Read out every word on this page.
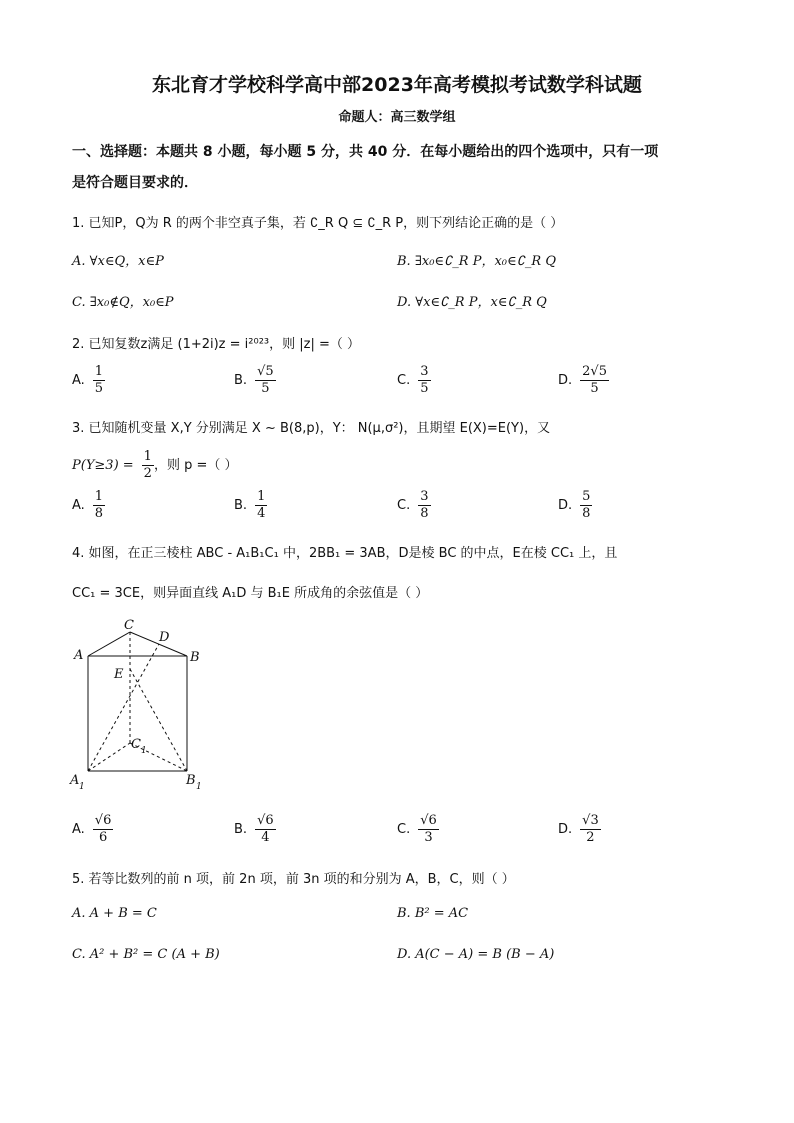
东北育才学校科学高中部2023年高考模拟考试数学科试题
命题人：高三数学组
一、选择题：本题共 8 小题，每小题 5 分，共 40 分．在每小题给出的四个选项中，只有一项
是符合题目要求的．
1. 已知P，Q为 R 的两个非空真子集，若 ∁_R Q ⊆ ∁_R P，则下列结论正确的是（ ）
A. ∀x∈Q，x∈P	B. ∃x₀∈∁_R P，x₀∈∁_R Q
C. ∃x₀∉Q，x₀∈P	D. ∀x∈∁_R P，x∈∁_R Q
2. 已知复数z满足 (1+2i)z = i²⁰²³，则 |z| =（ ）
A. $\frac{1}{5}$	B. $\frac{√5}{5}$	C. $\frac{3}{5}$	D. $\frac{2√5}{5}$
3. 已知随机变量 X,Y 分别满足 X ~ B(8,p)，Y： N(μ,σ²)，且期望 E(X)=E(Y)，又
$P(Y\ge 3) = \frac{1}{2}$ ，则 p =（ ）
A. $\frac{1}{8}$	B. $\frac{1}{4}$	C. $\frac{3}{8}$	D. $\frac{5}{8}$
4. 如图，在正三棱柱 ABC - A₁B₁C₁ 中，2BB₁ = 3AB，D是棱 BC 的中点，E在棱 CC₁ 上，且
CC₁ = 3CE，则异面直线 A₁D 与 B₁E 所成角的余弦值是（ ）
A	B
C
D
E
A 1	B 1
C 1
A. $\frac{√6}{6}$	B. $\frac{√6}{4}$	C. $\frac{√6}{3}$	D. $\frac{√3}{2}$
5. 若等比数列的前 n 项，前 2n 项，前 3n 项的和分别为 A，B，C，则（ ）
A. A + B = C	B. B² = AC
C. A² + B² = C (A + B)	D. A(C − A) = B (B − A)
